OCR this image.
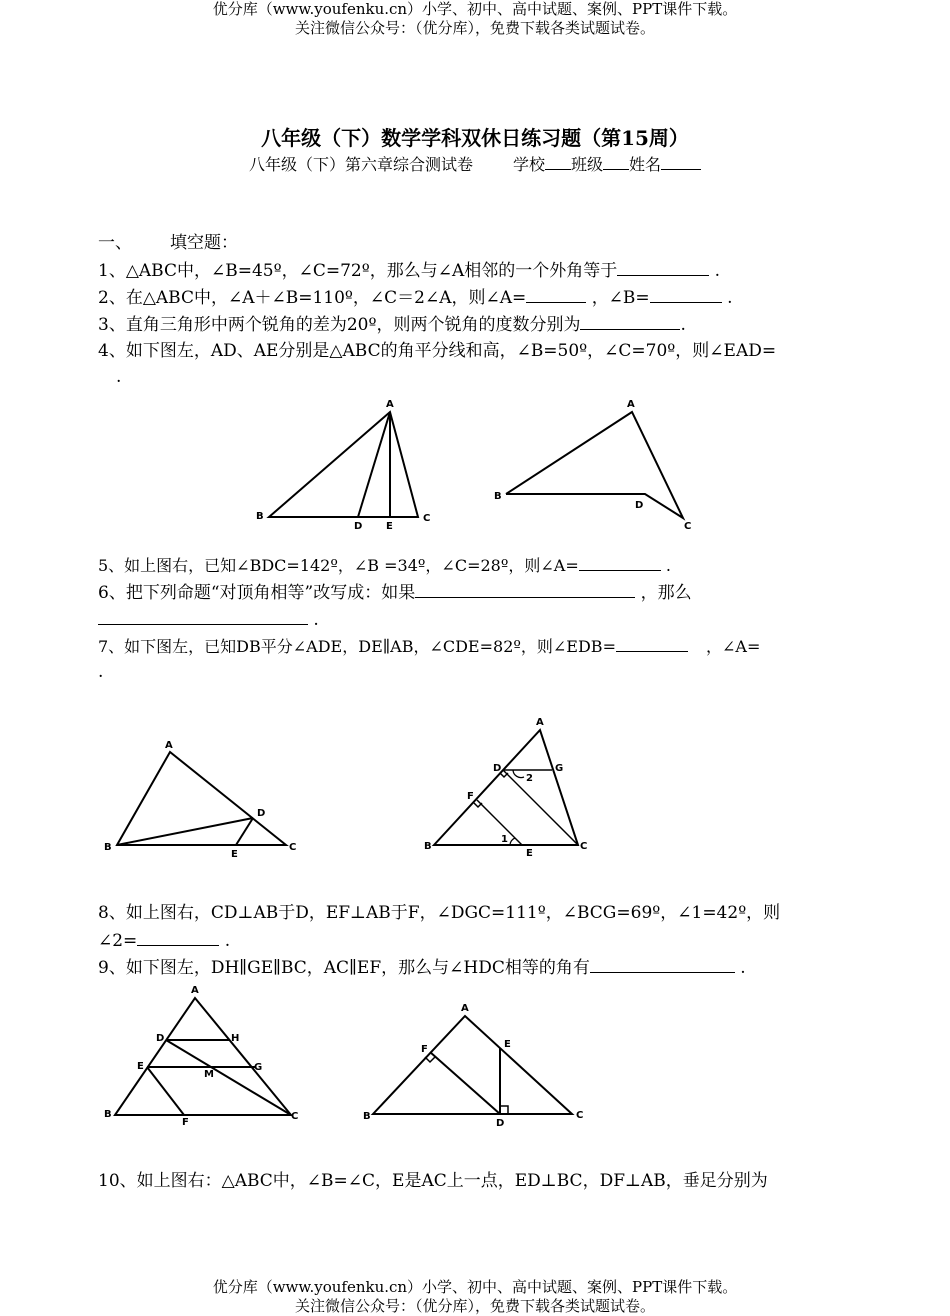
优分库（www.youfenku.cn）小学、初中、高中试题、案例、PPT课件下载。
关注微信公众号：（优分库），免费下载各类试题试卷。
八年级（下）数学学科双休日练习题（第15周）
八年级（下）第六章综合测试卷	学校 班级 姓名
一、 填空题：
1、△ABC中，∠B=45º，∠C=72º，那么与∠A相邻的一个外角等于	.
2、在△ABC中，∠A＋∠B=110º，∠C＝2∠A，则∠A=	，∠B=	.
3、直角三角形中两个锐角的差为20º，则两个锐角的度数分别为	.
4、如下图左，AD、AE分别是△ABC的角平分线和高，∠B=50º，∠C=70º，则∠EAD=
.
A
B
D E
C
A
B
D
C
A
B
D
E
C
A
D	G
2
F
1
B
E
C
A
D	H
E
M
G
B
F
C
A
F	E
B
D
C
5、如上图右，已知∠BDC=142º，∠B =34º，∠C=28º，则∠A=	.
6、把下列命题“对顶角相等”改写成：如果	，那么
.
7、如下图左，已知DB平分∠ADE，DE∥AB，∠CDE=82º，则∠EDB=	，∠A=
.
8、如上图右，CD⊥AB于D，EF⊥AB于F，∠DGC=111º，∠BCG=69º，∠1=42º，则
∠2=	.
9、如下图左，DH∥GE∥BC，AC∥EF，那么与∠HDC相等的角有	.
10、如上图右：△ABC中，∠B=∠C，E是AC上一点，ED⊥BC，DF⊥AB，垂足分别为
优分库（www.youfenku.cn）小学、初中、高中试题、案例、PPT课件下载。
关注微信公众号：（优分库），免费下载各类试题试卷。
